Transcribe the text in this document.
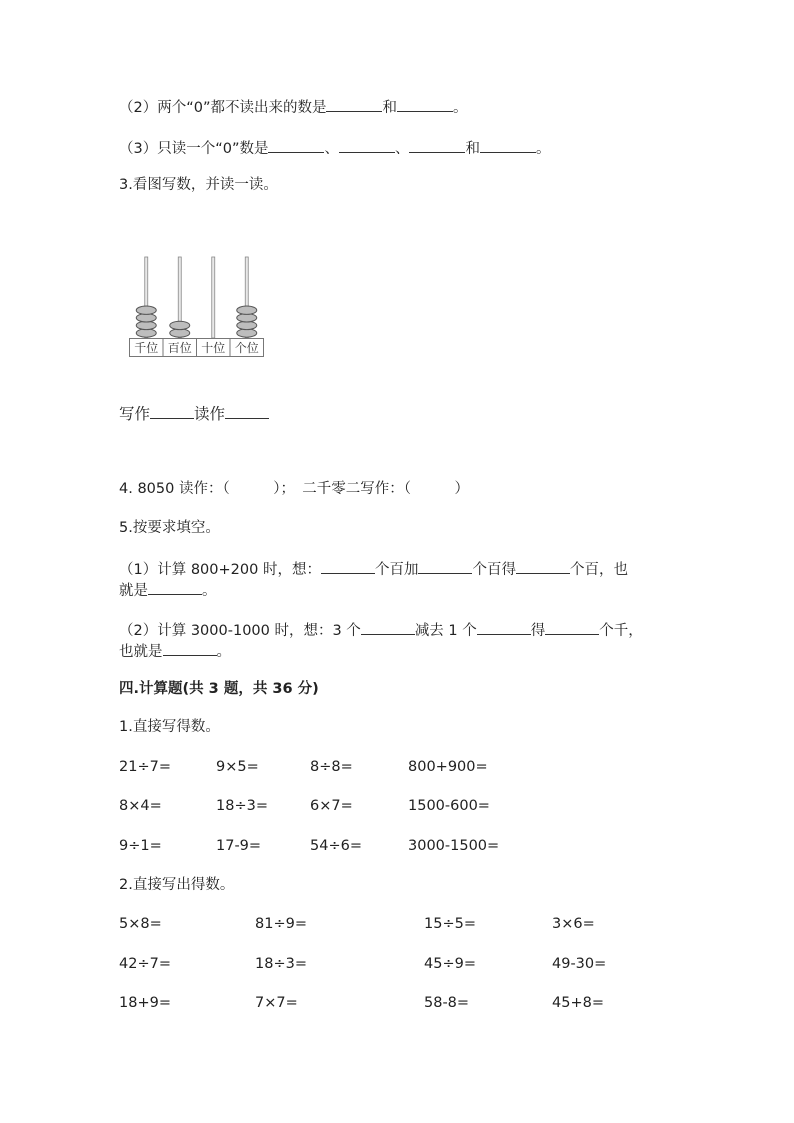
（2）两个“0”都不读出来的数是	和	。
（3）只读一个“0”数是	、	、	和	。
3.看图写数，并读一读。
千位 百位 十位 个位
写作	读作
4. 8050 读作：（　　　）；　二千零二写作：（　　　）
5.按要求填空。
（1）计算 800+200 时，想：	个百加	个百得	个百，也
就是	。
（2）计算 3000-1000 时，想：3 个	减去 1 个	得	个千，
也就是	。
四.计算题(共 3 题，共 36 分)
1.直接写得数。
21÷7=	9×5=	8÷8=	800+900=
8×4=	18÷3=	6×7=	1500-600=
9÷1=	17-9=	54÷6=	3000-1500=
2.直接写出得数。
5×8=	81÷9=	15÷5=	3×6=
42÷7=	18÷3=	45÷9=	49-30=
18+9=	7×7=	58-8=	45+8=
